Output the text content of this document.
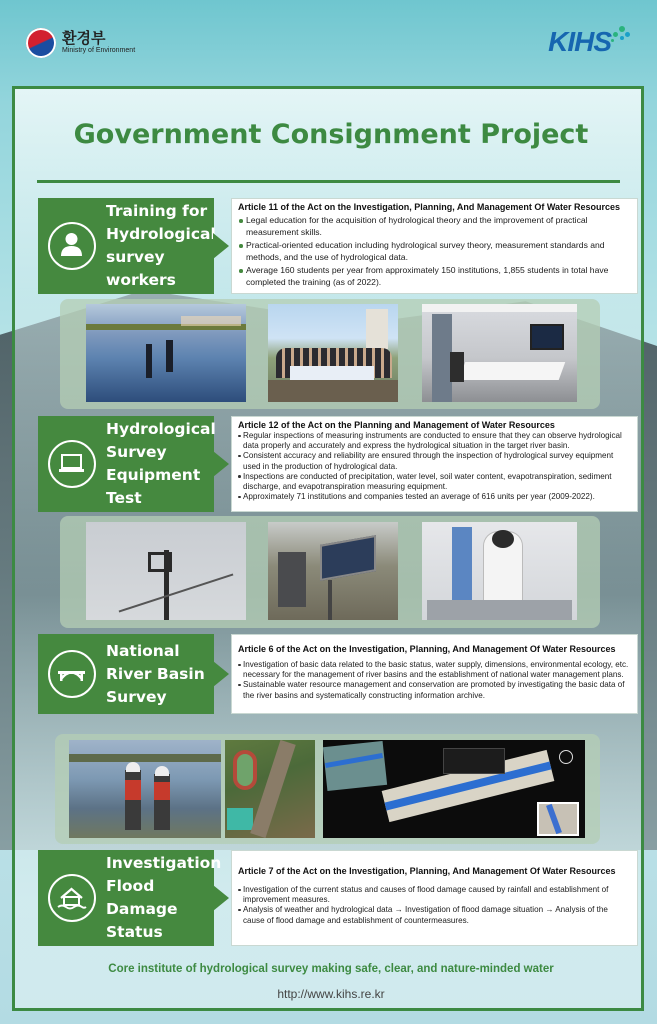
환경부
Ministry of Environment	KIHS
Government Consignment Project
Training for
Hydrological
survey
workers
Article 11 of the Act on the Investigation, Planning, And Management Of Water Resources
Legal education for the acquisition of hydrological theory and the improvement of practical measurement skills.
Practical-oriented education including hydrological survey theory, measurement standards and methods, and the use of hydrological data.
Average 160 students per year from approximately 150 institutions, 1,855 students in total have completed the training (as of 2022).
Hydrological
Survey
Equipment
Test
Article 12 of the Act on the Planning and Management of Water Resources
Regular inspections of measuring instruments are conducted to ensure that they can observe hydrological data properly and accurately and express the hydrological situation in the target river basin.
Consistent accuracy and reliability are ensured through the inspection of hydrological survey equipment used in the production of hydrological data.
Inspections are conducted of precipitation, water level, soil water content, evapotranspiration, sediment discharge, and evapotranspiration measuring equipment.
Approximately 71 institutions and companies tested an average of 616 units per year (2009-2022).
National
River Basin
Survey
Article 6 of the Act on the Investigation, Planning, And Management Of Water Resources
Investigation of basic data related to the basic status, water supply, dimensions, environmental ecology, etc. necessary for the management of river basins and the establishment of national water management plans.
Sustainable water resource management and conservation are promoted by investigating the basic data of the river basins and systematically constructing information archive.
Investigation
Flood Damage
Status
Article 7 of the Act on the Investigation, Planning, And Management Of Water Resources
Investigation of the current status and causes of flood damage caused by rainfall and establishment of improvement measures.
Analysis of weather and hydrological data → Investigation of flood damage situation → Analysis of the cause of flood damage and establishment of countermeasures.
Core institute of hydrological survey making safe, clear, and nature-minded water
http://www.kihs.re.kr
